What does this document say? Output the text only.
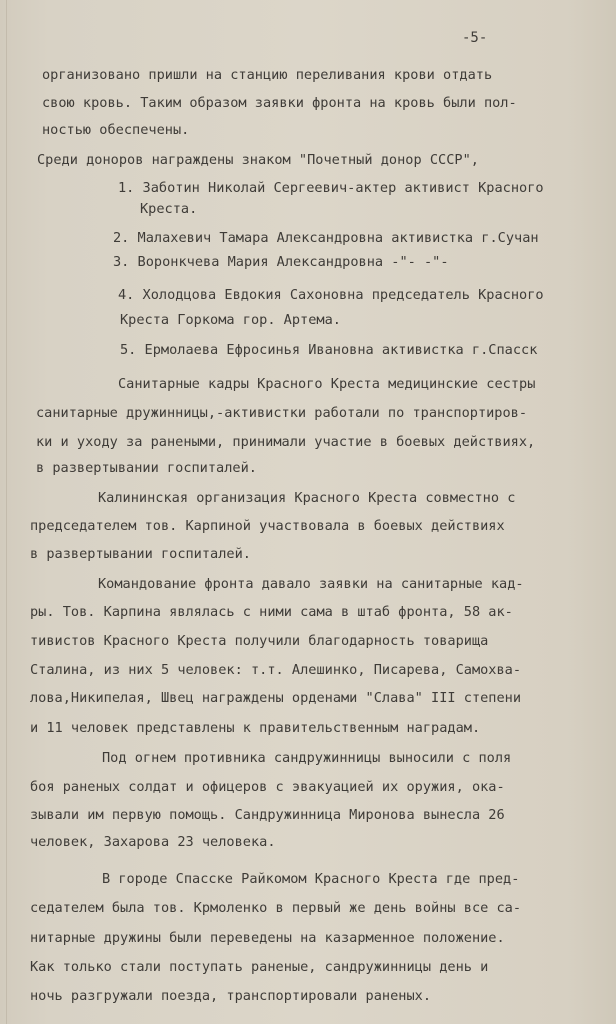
-5-
организовано пришли на станцию переливания крови отдать
свою кровь. Таким образом заявки фронта на кровь были пол-
ностью обеспечены.
Среди доноров награждены знаком "Почетный донор СССР",
1. Заботин Николай Сергеевич-актер активист Красного
Креста.
2. Малахевич Тамара Александровна активистка г.Сучан
3. Воронкчева Мария Александровна -"- -"-
4. Холодцова Евдокия Сахоновна председатель Красного
Креста Горкома гор. Артема.
5. Ермолаева Ефросинья Ивановна активистка г.Спасск
Санитарные кадры Красного Креста медицинские сестры
санитарные дружинницы,-активистки работали по транспортиров-
ки и уходу за ранеными, принимали участие в боевых действиях,
в развертывании госпиталей.
Калининская организация Красного Креста совместно с
председателем тов. Карпиной участвовала в боевых действиях
в развертывании госпиталей.
Командование фронта давало заявки на санитарные кад-
ры. Тов. Карпина являлась с ними сама в штаб фронта, 58 ак-
тивистов Красного Креста получили благодарность товарища
Сталина, из них 5 человек: т.т. Алешинко, Писарева, Самохва-
лова,Никипелая, Швец награждены орденами "Слава" III степени
и 11 человек представлены к правительственным наградам.
Под огнем противника сандружинницы выносили с поля
боя раненых солдат и офицеров с эвакуацией их оружия, ока-
зывали им первую помощь. Сандружинница Миронова вынесла 26
человек, Захарова 23 человека.
В городе Спасске Райкомом Красного Креста где пред-
седателем была тов. Крмоленко в первый же день войны все са-
нитарные дружины были переведены на казарменное положение.
Как только стали поступать раненые, сандружинницы день и
ночь разгружали поезда, транспортировали раненых.
